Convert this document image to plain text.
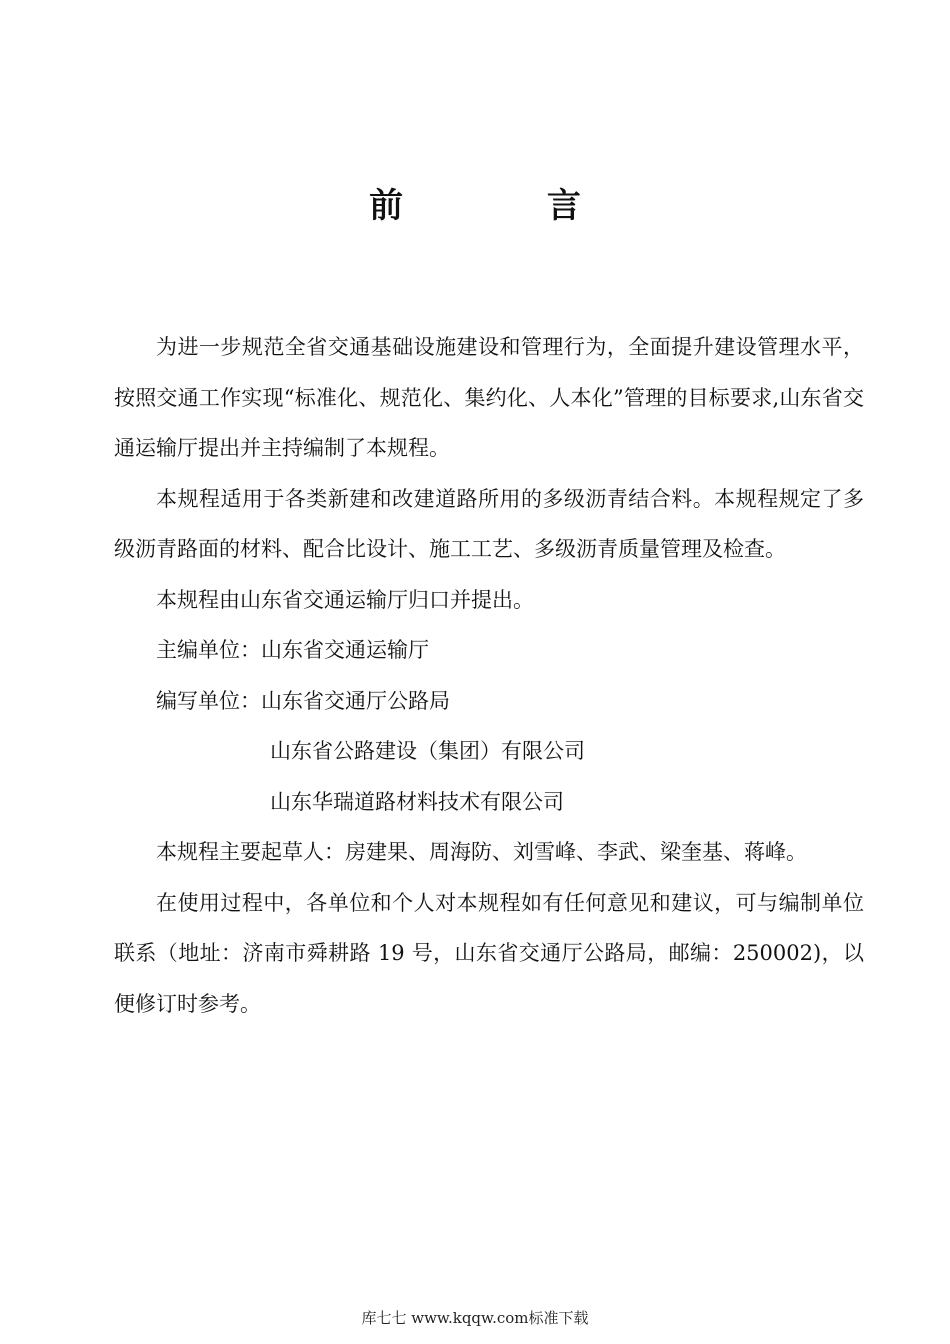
前 言

为进一步规范全省交通基础设施建设和管理行为，全面提升建设管理水平，按照交通工作实现“标准化、规范化、集约化、人本化”管理的目标要求,山东省交通运输厅提出并主持编制了本规程。

本规程适用于各类新建和改建道路所用的多级沥青结合料。本规程规定了多级沥青路面的材料、配合比设计、施工工艺、多级沥青质量管理及检查。

本规程由山东省交通运输厅归口并提出。

主编单位：山东省交通运输厅

编写单位：山东省交通厅公路局

山东省公路建设（集团）有限公司

山东华瑞道路材料技术有限公司

本规程主要起草人：房建果、周海防、刘雪峰、李武、梁奎基、蒋峰。

在使用过程中，各单位和个人对本规程如有任何意见和建议，可与编制单位联系（地址：济南市舜耕路 19 号，山东省交通厅公路局，邮编：250002)，以便修订时参考。

库七七 www.kqqw.com标准下载
